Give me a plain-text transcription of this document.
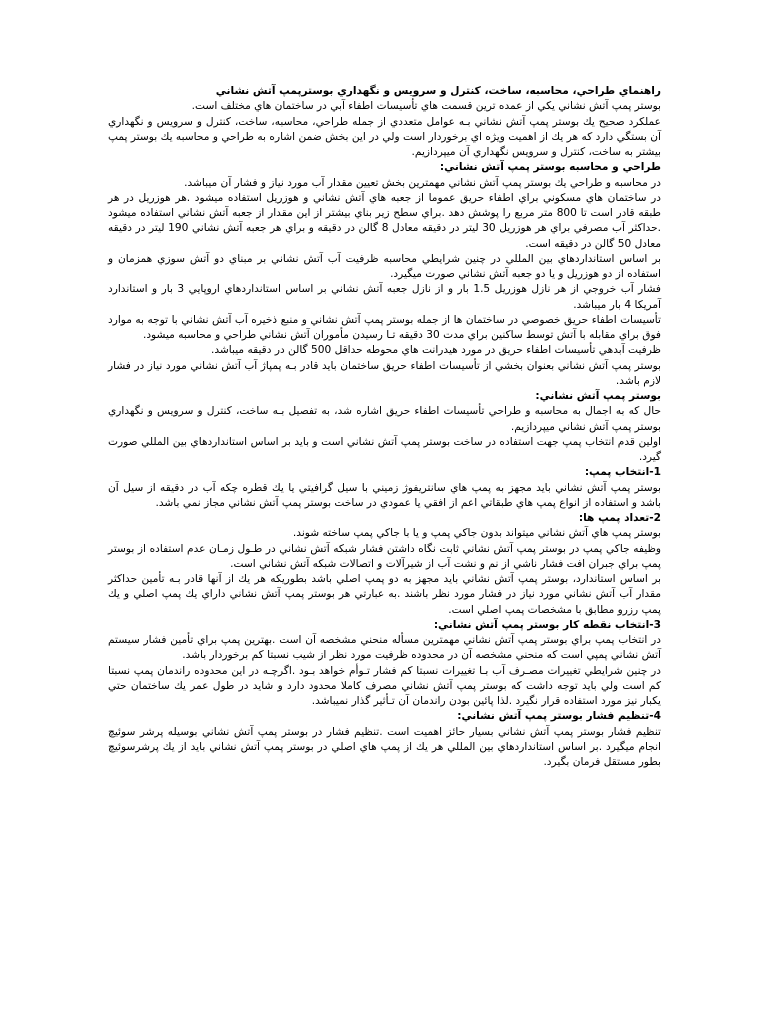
راهنماي طراحي، محاسبه، ساخت، كنترل و سرويس و نگهداري بوسترپمپ آتش نشاني

بوستر پمپ آتش نشاني يكي از عمده ترين قسمت هاي تأسيسات اطفاء آبي در ساختمان هاي مختلف است.

عملكرد صحيح يك بوستر پمپ آتش نشاني بـه عوامل متعددي از جمله طراحي، محاسبه، ساخت، كنترل و سرويس و نگهداري آن بستگي دارد كه هر يك از اهميت ويژه اي برخوردار است ولي در اين بخش ضمن اشاره به طراحي و محاسبه يك بوستر پمپ بيشتر به ساخت، كنترل و سرويس نگهداري آن ميپردازيم.

طراحي و محاسبه بوستر پمپ آتش نشاني:

در محاسبه و طراحي يك بوستر پمپ آتش نشاني مهمترين بخش تعيين مقدار آب مورد نياز و فشار آن ميباشد.

در ساختمان هاي مسكوني براي اطفاء حريق عموما از جعبه هاي آتش نشاني و هوزريل استفاده ميشود .هر هوزريل در هر طبقه قادر است تا 800 متر مربع را پوشش دهد .براي سطح زير بناي بيشتر از اين مقدار از جعبه آتش نشاني استفاده ميشود .حداكثر آب مصرفي براي هر هوزريل 30 ليتر در دقيقه معادل 8 گالن در دقيقه و براي هر جعبه آتش نشاني 190 ليتر در دقيقه معادل 50 گالن در دقيقه است.

بر اساس استانداردهاي بين المللي در چنين شرايطي محاسبه ظرفيت آب آتش نشاني بر مبناي دو آتش سوزي همزمان و استفاده از دو هوزريل و يا دو جعبه آتش نشاني صورت ميگيرد.

فشار آب خروجي از هر نازل هوزريل 1.5 بار و از نازل جعبه آتش نشاني بر اساس استانداردهاي اروپايي 3 بار و استاندارد آمريكا 4 بار ميباشد.

تأسيسات اطفاء حريق خصوصي در ساختمان ها از جمله بوستر پمپ آتش نشاني و منبع ذخيره آب آتش نشاني با توجه به موارد فوق براي مقابله با آتش توسط ساكنين براي مدت 30 دقيقه تـا رسيدن مأموران آتش نشاني طراحي و محاسبه ميشود.

ظرفيت آبدهي تأسيسات اطفاء حريق در مورد هيدرانت هاي محوطه حداقل 500 گالن در دقيقه ميباشد.

بوستر پمپ آتش نشاني بعنوان بخشي از تأسيسات اطفاء حريق ساختمان بايد قادر بـه پمپاژ آب آتش نشاني مورد نياز در فشار لازم باشد.

بوستر پمپ آتش نشاني:

حال كه به اجمال به محاسبه و طراحي تأسيسات اطفاء حريق اشاره شد، به تفصيل بـه ساخت، كنترل و سرويس و نگهداري بوستر پمپ آتش نشاني ميپردازيم.

اولين قدم انتخاب پمپ جهت استفاده در ساخت بوستر پمپ آتش نشاني است و بايد بر اساس استانداردهاي بين المللي صورت گيرد.

1-انتخاب پمپ:

بوستر پمپ آتش نشاني بايد مجهز به پمپ هاي سانتريفوژ زميني با سيل گرافيتي يا يك قطره چكه آب در دقيقه از سيل آن باشد و استفاده از انواع پمپ هاي طبقاتي اعم از افقي يا عمودي در ساخت بوستر پمپ آتش نشاني مجاز نمي باشد.

2-تعداد پمپ ها:

بوستر پمپ هاي آتش نشاني ميتواند بدون جاكي پمپ و يا با جاكي پمپ ساخته شوند.

وظيفه جاكي پمپ در بوستر پمپ آتش نشاني ثابت نگاه داشتن فشار شبكه آتش نشاني در طـول زمـان عدم استفاده از بوستر پمپ براي جبران افت فشار ناشي از نم و نشت آب از شيرآلات و اتصالات شبكه آتش نشاني است.

بر اساس استاندارد، بوستر پمپ آتش نشاني بايد مجهز به دو پمپ اصلي باشد بطوريكه هر يك از آنها قادر بـه تأمين حداكثر مقدار آب آتش نشاني مورد نياز در فشار مورد نظر باشند .به عبارتي هر بوستر پمپ آتش نشاني داراي يك پمپ اصلي و يك پمپ رزرو مطابق با مشخصات پمپ اصلي است.

3-انتخاب نقطه كار بوستر پمپ آتش نشاني:

در انتخاب پمپ براي بوستر پمپ آتش نشاني مهمترين مسأله منحني مشخصه آن است .بهترين پمپ براي تأمين فشار سيستم آتش نشاني پمپي است كه منحني مشخصه آن در محدوده ظرفيت مورد نظر از شيب نسبتا كم برخوردار باشد.

در چنين شرايطي تغييرات مصـرف آب بـا تغييرات نسبتا كم فشار تـوأم خواهد بـود .اگرچـه در اين محدوده راندمان پمپ نسبتا كم است ولي بايد توجه داشت كه بوستر پمپ آتش نشاني مصرف كاملا محدود دارد و شايد در طول عمر يك ساختمان حتي يكبار نيز مورد استفاده قرار نگيرد .لذا پائين بودن راندمان آن تـأثير گذار نميباشد.

4-تنظيم فشار بوستر پمپ آتش نشاني:

تنظيم فشار بوستر پمپ آتش نشاني بسيار حائز اهميت است .تنظيم فشار در بوستر پمپ آتش نشاني بوسيله پرشر سوئيچ انجام ميگيرد .بر اساس استانداردهاي بين المللي هر يك از پمپ هاي اصلي در بوستر پمپ آتش نشاني بايد از يك پرشرسوئيچ بطور مستقل فرمان بگيرد.
